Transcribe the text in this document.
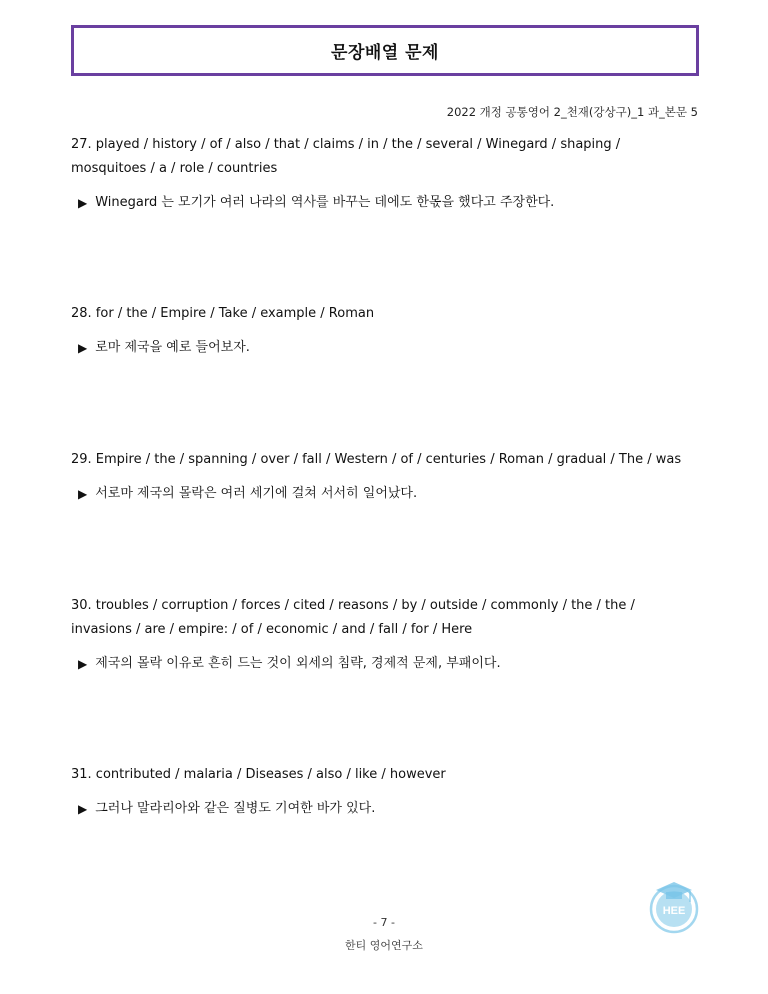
문장배열 문제
2022 개정 공통영어 2_천재(강상구)_1 과_본문 5

27. played / history / of / also / that / claims / in / the / several / Winegard / shaping / mosquitoes / a / role / countries

▶ Winegard 는 모기가 여러 나라의 역사를 바꾸는 데에도 한몫을 했다고 주장한다.

28. for / the / Empire / Take / example / Roman

▶ 로마 제국을 예로 들어보자.

29. Empire / the / spanning / over / fall / Western / of / centuries / Roman / gradual / The / was

▶ 서로마 제국의 몰락은 여러 세기에 걸쳐 서서히 일어났다.

30. troubles / corruption / forces / cited / reasons / by / outside / commonly / the / the / invasions / are / empire: / of / economic / and / fall / for / Here

▶ 제국의 몰락 이유로 흔히 드는 것이 외세의 침략, 경제적 문제, 부패이다.

31. contributed / malaria / Diseases / also / like / however

▶ 그러나 말라리아와 같은 질병도 기여한 바가 있다.
HEE
- 7 -
한티 영어연구소
